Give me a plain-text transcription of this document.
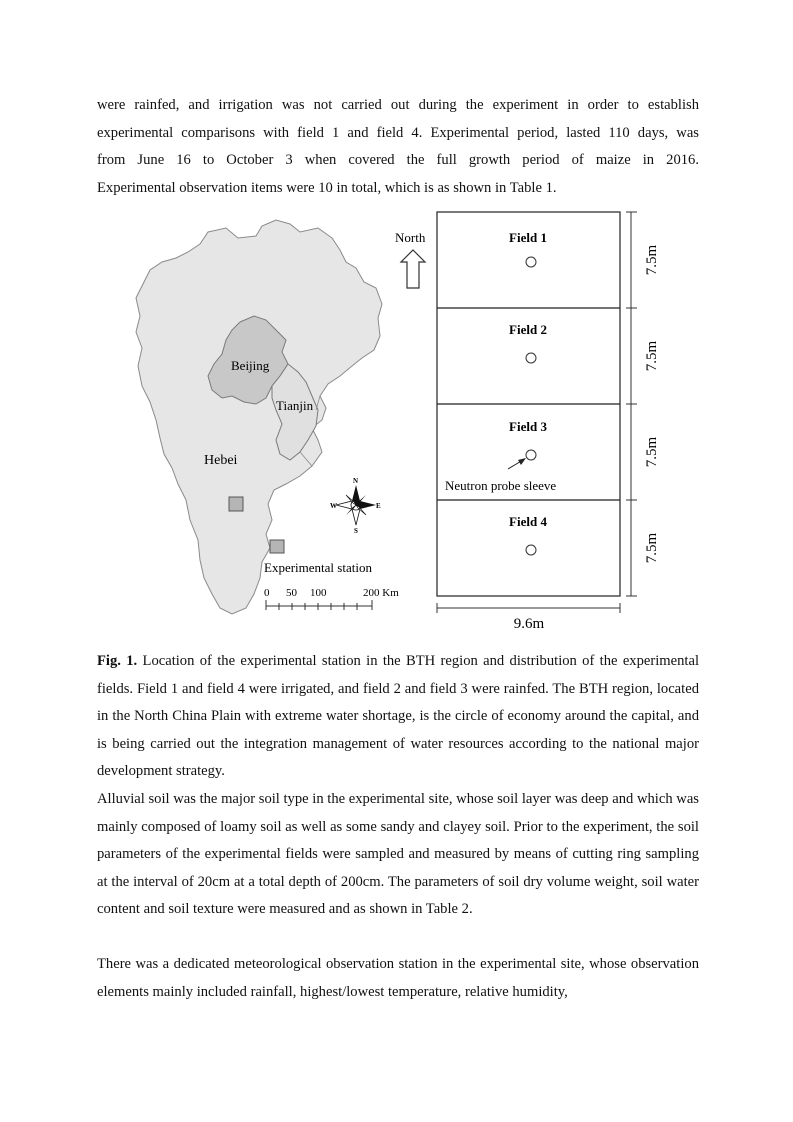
were rainfed, and irrigation was not carried out during the experiment in order to establish

experimental comparisons with field 1 and field 4. Experimental period, lasted 110 days, was

from June 16 to October 3 when covered the full growth period of maize in 2016.

Experimental observation items were 10 in total, which is as shown in Table 1.

Beijing
Tianjin
Hebei
Experimental station
0 50 100	200 Km
N
S
E
W
North	Field 1
Field 2
Field 3
Field 4
Neutron probe sleeve
7.5m
7.5m
7.5m
7.5m
9.6m

Fig. 1. Location of the experimental station in the BTH region and distribution of the experimental fields. Field 1 and field 4 were irrigated, and field 2 and field 3 were rainfed. The BTH region, located in the North China Plain with extreme water shortage, is the circle of economy around the capital, and is being carried out the integration management of water resources according to the national major development strategy.

Alluvial soil was the major soil type in the experimental site, whose soil layer was deep and which was mainly composed of loamy soil as well as some sandy and clayey soil. Prior to the experiment, the soil parameters of the experimental fields were sampled and measured by means of cutting ring sampling at the interval of 20cm at a total depth of 200cm. The parameters of soil dry volume weight, soil water content and soil texture were measured and as shown in Table 2.

There was a dedicated meteorological observation station in the experimental site, whose observation elements mainly included rainfall, highest/lowest temperature, relative humidity,
